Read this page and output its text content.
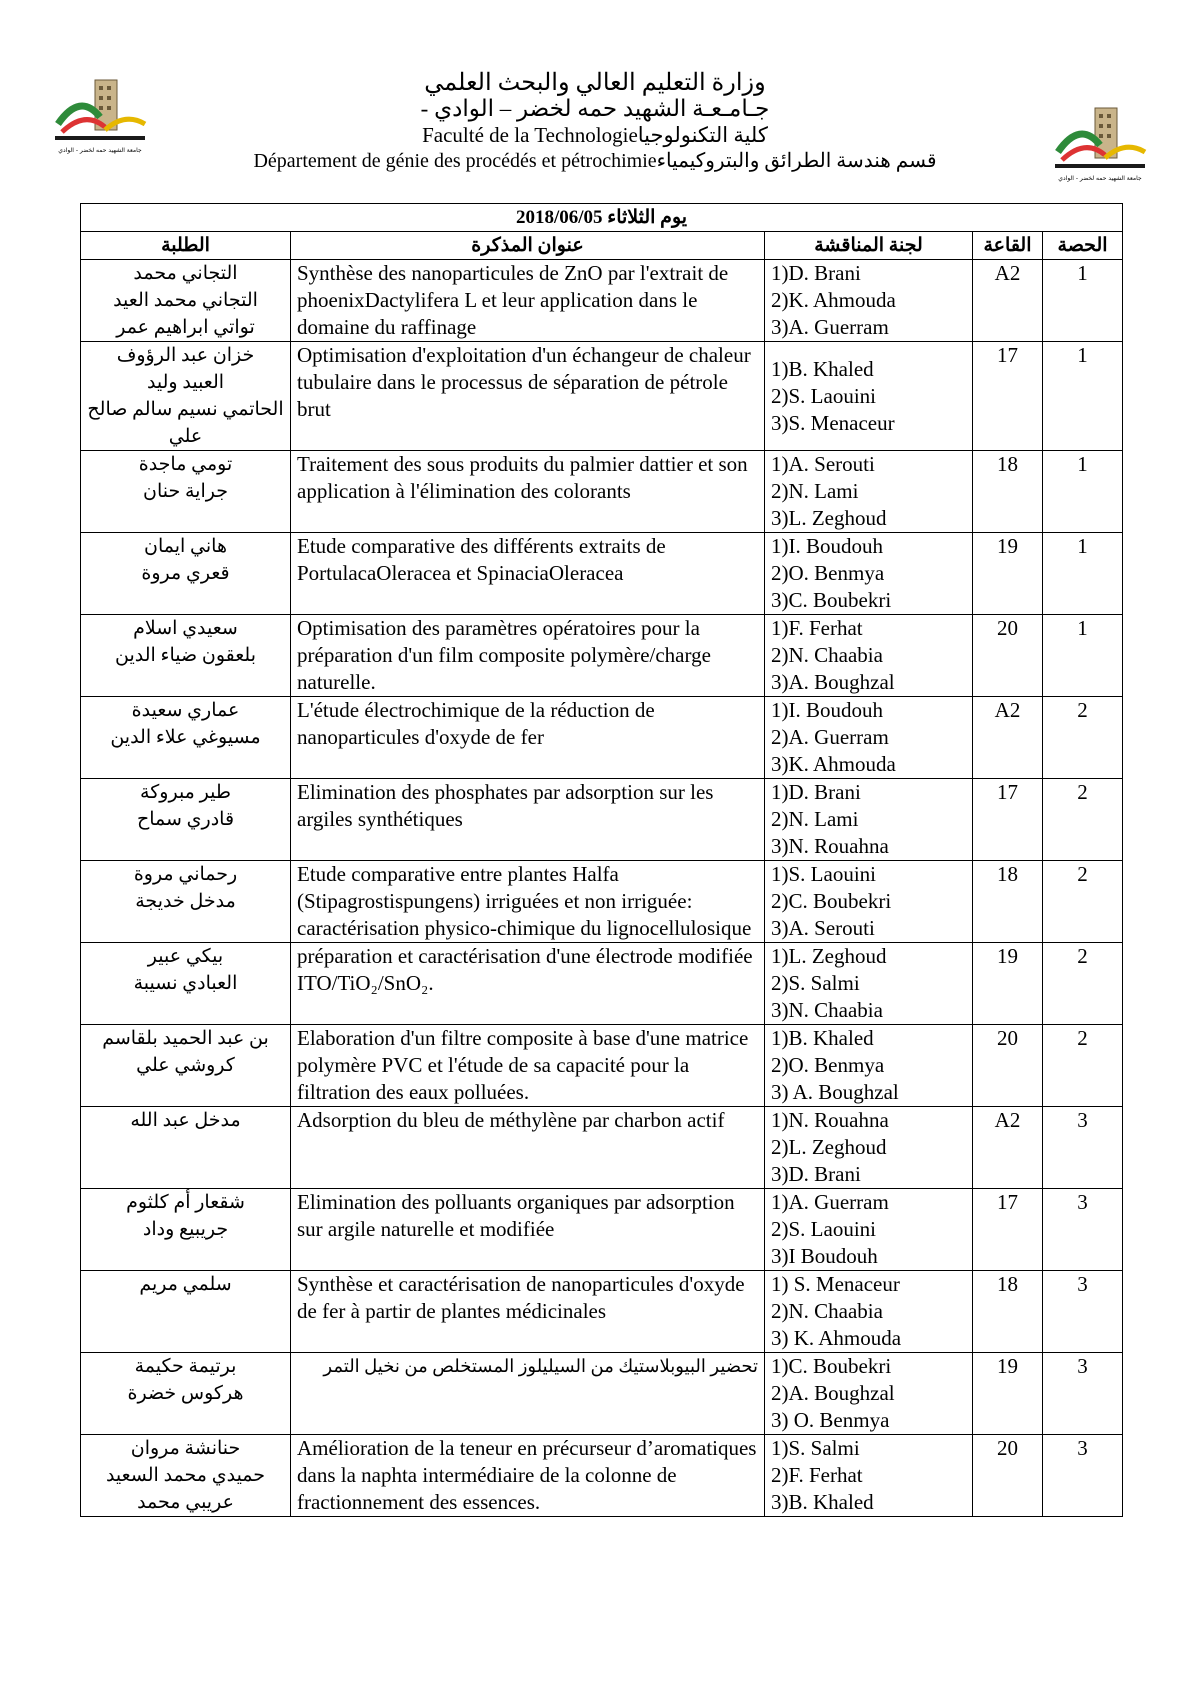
جامعة الشهيد حمه لخضر - الوادي
جامعة الشهيد حمه لخضر - الوادي
وزارة التعليم العالي والبحث العلمي
جـامـعـة الشهيد حمه لخضر – الوادي -
Faculté de la Technologieكلية التكنولوجيا
Département de génie des procédés et pétrochimieقسم هندسة الطرائق والبتروكيمياء
يوم الثلاثاء 2018/06/05				
الطلبة	عنوان المذكرة	لجنة المناقشة	القاعة	الحصة

التجاني محمد
التجاني محمد العيد
تواتي ابراهيم عمر	Synthèse des nanoparticules de ZnO par l'extrait de phoenixDactylifera L et leur application dans le domaine du raffinage	1)D. Brani
2)K. Ahmouda
3)A. Guerram	A2	1

خزان عبد الرؤوف
العبيد وليد
الحاتمي نسيم سالم صالح علي	Optimisation d'exploitation d'un échangeur de chaleur tubulaire dans le processus de séparation de pétrole brut	1)B. Khaled
2)S. Laouini
3)S. Menaceur	17	1

تومي ماجدة
جراية حنان	Traitement des sous produits du palmier dattier et son application à l'élimination des colorants	1)A. Serouti
2)N. Lami
3)L. Zeghoud	18	1

هاني ايمان
قعري مروة	Etude comparative des différents extraits de PortulacaOleracea et SpinaciaOleracea	1)I. Boudouh
2)O. Benmya
3)C. Boubekri	19	1

سعيدي اسلام
بلعقون ضياء الدين	Optimisation des paramètres opératoires pour la préparation d'un film composite polymère/charge naturelle.	1)F. Ferhat
2)N. Chaabia
3)A. Boughzal	20	1

عماري سعيدة
مسيوغي علاء الدين	L'étude électrochimique de la réduction de nanoparticules d'oxyde de fer	1)I. Boudouh
2)A. Guerram
3)K. Ahmouda	A2	2

طير مبروكة
قادري سماح	Elimination des phosphates par adsorption sur les argiles synthétiques	1)D. Brani
2)N. Lami
3)N. Rouahna	17	2

رحماني مروة
مدخل خديجة	Etude comparative entre plantes Halfa (Stipagrostispungens) irriguées et non irriguée: caractérisation physico-chimique du lignocellulosique	1)S. Laouini
2)C. Boubekri
3)A. Serouti	18	2

بيكي عبير
العبادي نسيبة	préparation et caractérisation d'une électrode modifiée ITO/TiO₂/SnO₂.	1)L. Zeghoud
2)S. Salmi
3)N. Chaabia	19	2

بن عبد الحميد بلقاسم
كروشي علي	Elaboration d'un filtre composite à base d'une matrice polymère PVC et l'étude de sa capacité pour la filtration des eaux polluées.	1)B. Khaled
2)O. Benmya
3) A. Boughzal	20	2

مدخل عبد الله	Adsorption du bleu de méthylène par charbon actif	1)N. Rouahna
2)L. Zeghoud
3)D. Brani	A2	3

شقعار أم كلثوم
جريبيع وداد	Elimination des polluants organiques par adsorption sur argile naturelle et modifiée	1)A. Guerram
2)S. Laouini
3)I Boudouh	17	3

سلمي مريم	Synthèse et caractérisation de nanoparticules d'oxyde de fer à partir de plantes médicinales	1) S. Menaceur
2)N. Chaabia
3) K. Ahmouda	18	3

برتيمة حكيمة
هركوس خضرة	تحضير البيوبلاستيك من السيليلوز المستخلص من نخيل التمر	1)C. Boubekri
2)A. Boughzal
3) O. Benmya	19	3

حنانشة مروان
حميدي محمد السعيد
عريبي محمد	Amélioration de la teneur en précurseur d’aromatiques dans la naphta intermédiaire de la colonne de fractionnement des essences.	1)S. Salmi
2)F. Ferhat
3)B. Khaled	20	3
